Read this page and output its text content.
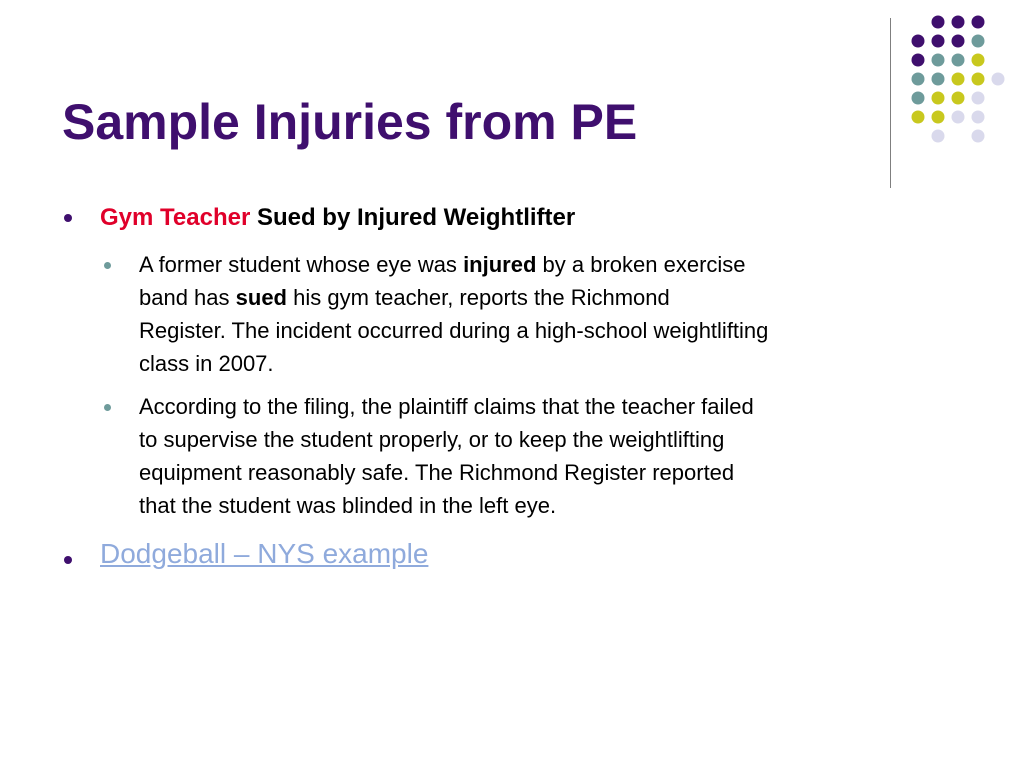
Sample Injuries from PE
Gym Teacher Sued by Injured Weightlifter
A former student whose eye was injured by a broken exercise
band has sued his gym teacher, reports the Richmond
Register. The incident occurred during a high-school weightlifting
class in 2007.
According to the filing, the plaintiff claims that the teacher failed
to supervise the student properly, or to keep the weightlifting
equipment reasonably safe. The Richmond Register reported
that the student was blinded in the left eye.
Dodgeball – NYS example
